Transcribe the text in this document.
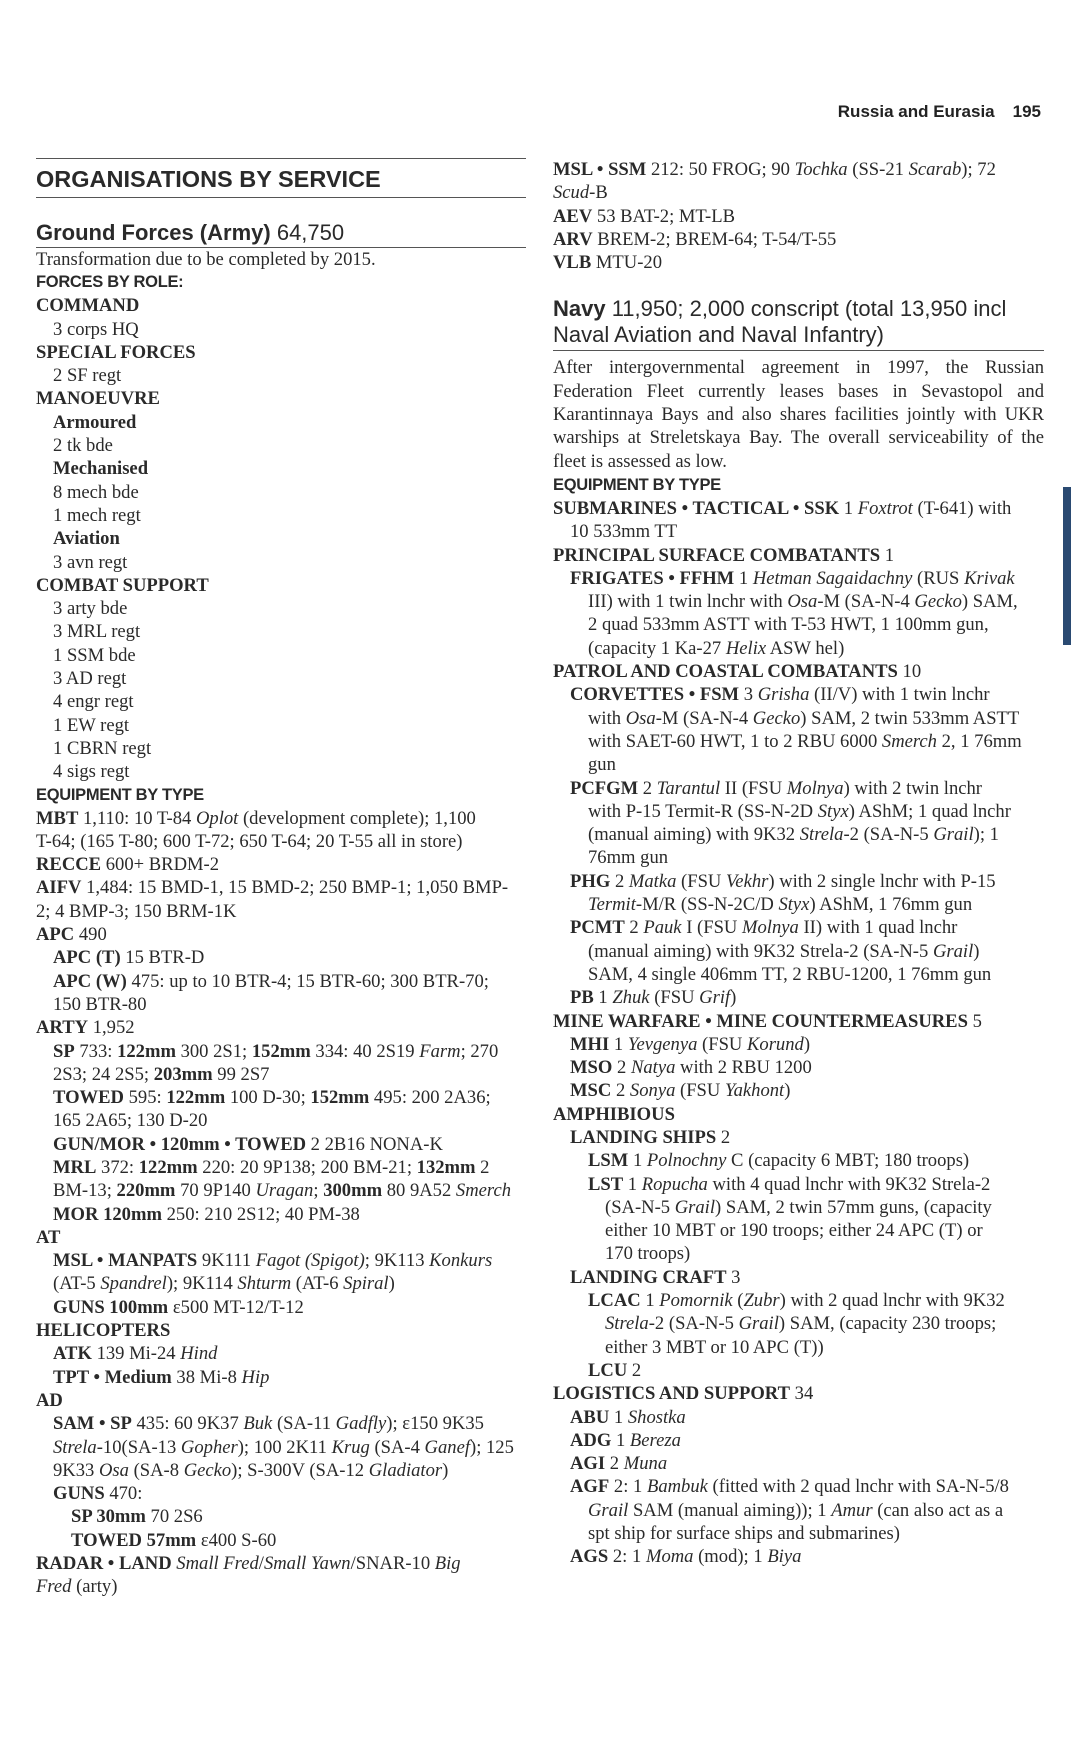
Russia and Eurasia 195
ORGANISATIONS BY SERVICE
Ground Forces (Army) 64,750
Transformation due to be completed by 2015.
FORCES BY ROLE:
COMMAND
3 corps HQ
SPECIAL FORCES
2 SF regt
MANOEUVRE
Armoured
2 tk bde
Mechanised
8 mech bde
1 mech regt
Aviation
3 avn regt
COMBAT SUPPORT
3 arty bde
3 MRL regt
1 SSM bde
3 AD regt
4 engr regt
1 EW regt
1 CBRN regt
4 sigs regt
EQUIPMENT BY TYPE
MBT 1,110: 10 T-84 Oplot (development complete); 1,100
T-64; (165 T-80; 600 T-72; 650 T-64; 20 T-55 all in store)
RECCE 600+ BRDM-2
AIFV 1,484: 15 BMD-1, 15 BMD-2; 250 BMP-1; 1,050 BMP-
2; 4 BMP-3; 150 BRM-1K
APC 490
APC (T) 15 BTR-D
APC (W) 475: up to 10 BTR-4; 15 BTR-60; 300 BTR-70;
150 BTR-80
ARTY 1,952
SP 733: 122mm 300 2S1; 152mm 334: 40 2S19 Farm; 270
2S3; 24 2S5; 203mm 99 2S7
TOWED 595: 122mm 100 D-30; 152mm 495: 200 2A36;
165 2A65; 130 D-20
GUN/MOR • 120mm • TOWED 2 2B16 NONA-K
MRL 372: 122mm 220: 20 9P138; 200 BM-21; 132mm 2
BM-13; 220mm 70 9P140 Uragan; 300mm 80 9A52 Smerch
MOR 120mm 250: 210 2S12; 40 PM-38
AT
MSL • MANPATS 9K111 Fagot (Spigot); 9K113 Konkurs
(AT-5 Spandrel); 9K114 Shturm (AT-6 Spiral)
GUNS 100mm ε500 MT-12/T-12
HELICOPTERS
ATK 139 Mi-24 Hind
TPT • Medium 38 Mi-8 Hip
AD
SAM • SP 435: 60 9K37 Buk (SA-11 Gadfly); ε150 9K35
Strela-10(SA-13 Gopher); 100 2K11 Krug (SA-4 Ganef); 125
9K33 Osa (SA-8 Gecko); S-300V (SA-12 Gladiator)
GUNS 470:
SP 30mm 70 2S6
TOWED 57mm ε400 S-60
RADAR • LAND Small Fred/Small Yawn/SNAR-10 Big
Fred (arty)
MSL • SSM 212: 50 FROG; 90 Tochka (SS-21 Scarab); 72
Scud-B
AEV 53 BAT-2; MT-LB
ARV BREM-2; BREM-64; T-54/T-55
VLB MTU-20
Navy 11,950; 2,000 conscript (total 13,950 incl
Naval Aviation and Naval Infantry)
After intergovernmental agreement in 1997, the Russian Federation Fleet currently leases bases in Sevastopol and Karantinnaya Bays and also shares facilities jointly with UKR warships at Streletskaya Bay. The overall serviceability of the fleet is assessed as low.
EQUIPMENT BY TYPE
SUBMARINES • TACTICAL • SSK 1 Foxtrot (T-641) with
10 533mm TT
PRINCIPAL SURFACE COMBATANTS 1
FRIGATES • FFHM 1 Hetman Sagaidachny (RUS Krivak
III) with 1 twin lnchr with Osa-M (SA-N-4 Gecko) SAM,
2 quad 533mm ASTT with T-53 HWT, 1 100mm gun,
(capacity 1 Ka-27 Helix ASW hel)
PATROL AND COASTAL COMBATANTS 10
CORVETTES • FSM 3 Grisha (II/V) with 1 twin lnchr
with Osa-M (SA-N-4 Gecko) SAM, 2 twin 533mm ASTT
with SAET-60 HWT, 1 to 2 RBU 6000 Smerch 2, 1 76mm
gun
PCFGM 2 Tarantul II (FSU Molnya) with 2 twin lnchr
with P-15 Termit-R (SS-N-2D Styx) AShM; 1 quad lnchr
(manual aiming) with 9K32 Strela-2 (SA-N-5 Grail); 1
76mm gun
PHG 2 Matka (FSU Vekhr) with 2 single lnchr with P-15
Termit-M/R (SS-N-2C/D Styx) AShM, 1 76mm gun
PCMT 2 Pauk I (FSU Molnya II) with 1 quad lnchr
(manual aiming) with 9K32 Strela-2 (SA-N-5 Grail)
SAM, 4 single 406mm TT, 2 RBU-1200, 1 76mm gun
PB 1 Zhuk (FSU Grif)
MINE WARFARE • MINE COUNTERMEASURES 5
MHI 1 Yevgenya (FSU Korund)
MSO 2 Natya with 2 RBU 1200
MSC 2 Sonya (FSU Yakhont)
AMPHIBIOUS
LANDING SHIPS 2
LSM 1 Polnochny C (capacity 6 MBT; 180 troops)
LST 1 Ropucha with 4 quad lnchr with 9K32 Strela-2
(SA-N-5 Grail) SAM, 2 twin 57mm guns, (capacity
either 10 MBT or 190 troops; either 24 APC (T) or
170 troops)
LANDING CRAFT 3
LCAC 1 Pomornik (Zubr) with 2 quad lnchr with 9K32
Strela-2 (SA-N-5 Grail) SAM, (capacity 230 troops;
either 3 MBT or 10 APC (T))
LCU 2
LOGISTICS AND SUPPORT 34
ABU 1 Shostka
ADG 1 Bereza
AGI 2 Muna
AGF 2: 1 Bambuk (fitted with 2 quad lnchr with SA-N-5/8
Grail SAM (manual aiming)); 1 Amur (can also act as a
spt ship for surface ships and submarines)
AGS 2: 1 Moma (mod); 1 Biya
